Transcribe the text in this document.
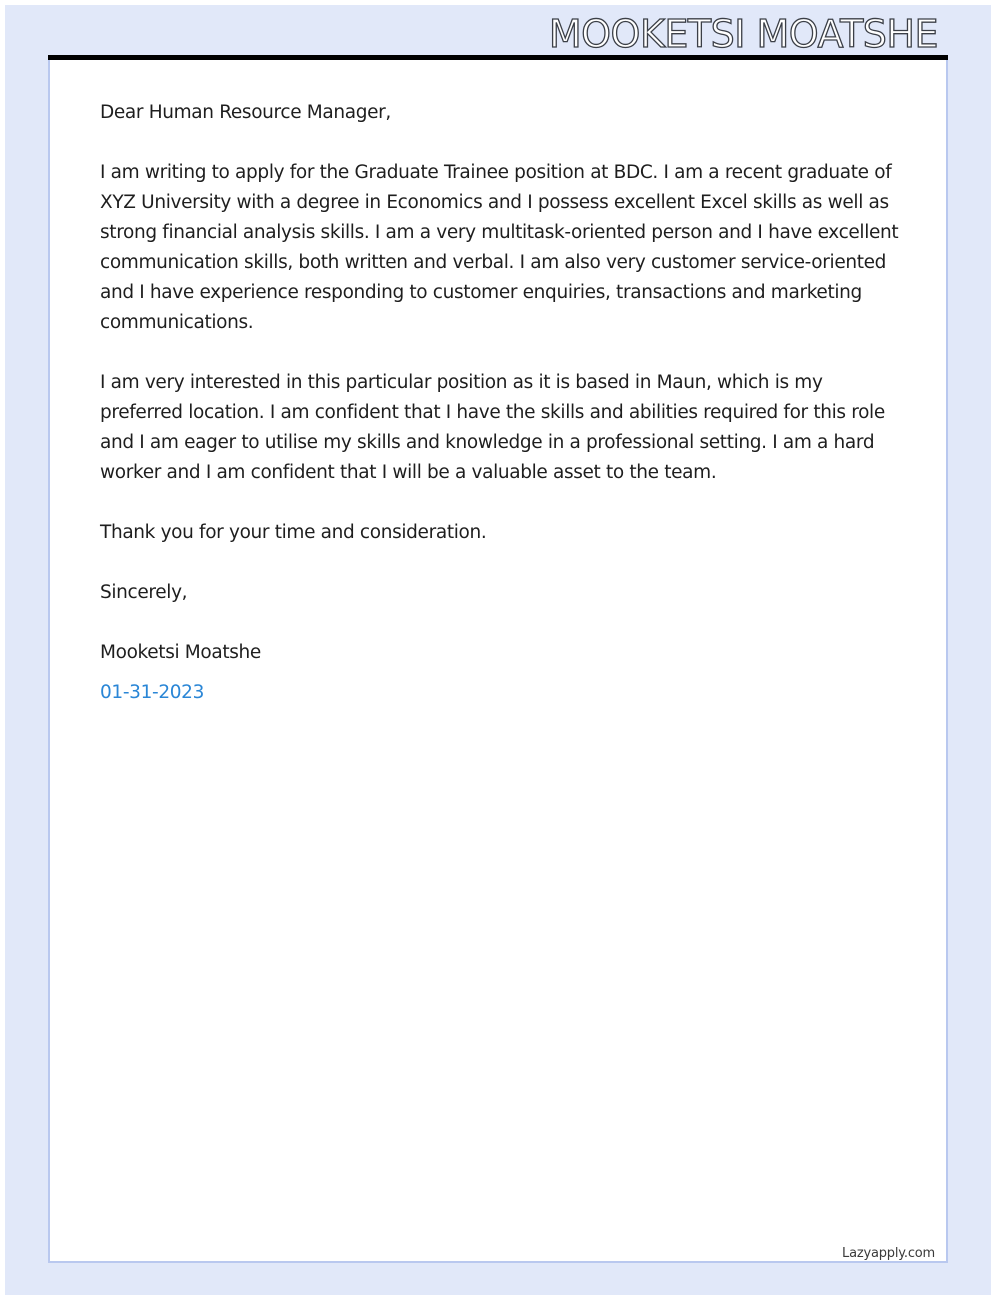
MOOKETSI MOATSHE

Dear Human Resource Manager,

I am writing to apply for the Graduate Trainee position at BDC. I am a recent graduate of XYZ University with a degree in Economics and I possess excellent Excel skills as well as strong financial analysis skills. I am a very multitask-oriented person and I have excellent communication skills, both written and verbal. I am also very customer service-oriented and I have experience responding to customer enquiries, transactions and marketing communications.

I am very interested in this particular position as it is based in Maun, which is my preferred location. I am confident that I have the skills and abilities required for this role and I am eager to utilise my skills and knowledge in a professional setting. I am a hard worker and I am confident that I will be a valuable asset to the team.

Thank you for your time and consideration.

Sincerely,

Mooketsi Moatshe

01-31-2023

Lazyapply.com
